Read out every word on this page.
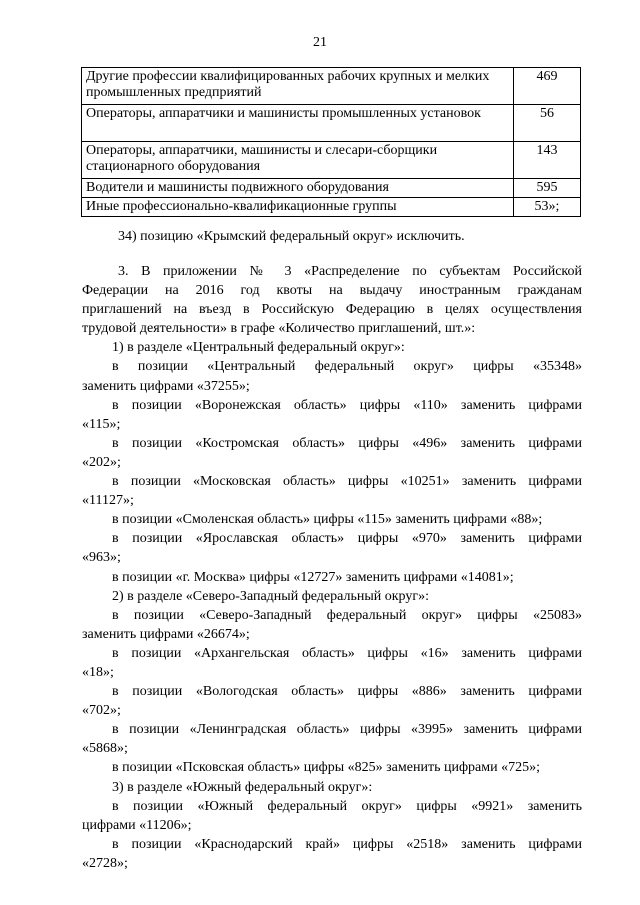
21
Другие профессии квалифицированных рабочих крупных и мелких промышленных предприятий	469
Операторы, аппаратчики и машинисты промышленных установок	56
Операторы, аппаратчики, машинисты и слесари-сборщики стационарного оборудования	143
Водители и машинисты подвижного оборудования	595
Иные профессионально-квалификационные группы	53»;

34) позицию «Крымский федеральный округ» исключить.

3. В приложении № 3 «Распределение по субъектам Российской

Федерации на 2016 год квоты на выдачу иностранным гражданам

приглашений на въезд в Российскую Федерацию в целях осуществления

трудовой деятельности» в графе «Количество приглашений, шт.»:

1) в разделе «Центральный федеральный округ»:

в позиции «Центральный федеральный округ» цифры «35348»

заменить цифрами «37255»;

в позиции «Воронежская область» цифры «110» заменить цифрами

«115»;

в позиции «Костромская область» цифры «496» заменить цифрами

«202»;

в позиции «Московская область» цифры «10251» заменить цифрами

«11127»;

в позиции «Смоленская область» цифры «115» заменить цифрами «88»;

в позиции «Ярославская область» цифры «970» заменить цифрами

«963»;

в позиции «г. Москва» цифры «12727» заменить цифрами «14081»;

2) в разделе «Северо-Западный федеральный округ»:

в позиции «Северо-Западный федеральный округ» цифры «25083»

заменить цифрами «26674»;

в позиции «Архангельская область» цифры «16» заменить цифрами

«18»;

в позиции «Вологодская область» цифры «886» заменить цифрами

«702»;

в позиции «Ленинградская область» цифры «3995» заменить цифрами

«5868»;

в позиции «Псковская область» цифры «825» заменить цифрами «725»;

3) в разделе «Южный федеральный округ»:

в позиции «Южный федеральный округ» цифры «9921» заменить

цифрами «11206»;

в позиции «Краснодарский край» цифры «2518» заменить цифрами

«2728»;
